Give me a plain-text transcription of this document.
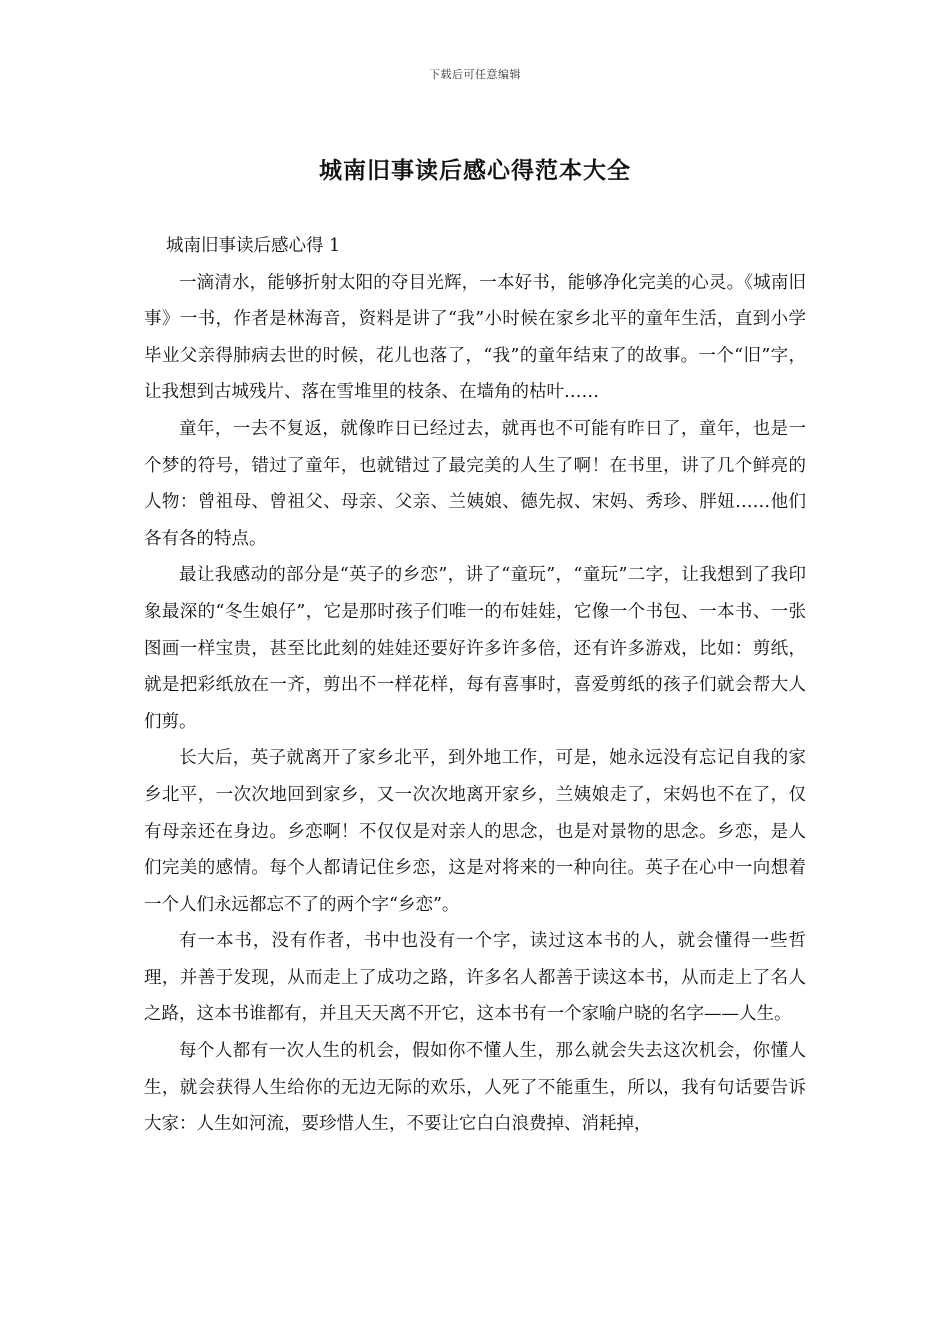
下载后可任意编辑
城南旧事读后感心得范本大全

城南旧事读后感心得 1

一滴清水，能够折射太阳的夺目光辉，一本好书，能够净化完美的心灵。《城南旧事》一书，作者是林海音，资料是讲了“我”小时候在家乡北平的童年生活，直到小学毕业父亲得肺病去世的时候，花儿也落了，“我”的童年结束了的故事。一个“旧”字，让我想到古城残片、落在雪堆里的枝条、在墙角的枯叶……

童年，一去不复返，就像昨日已经过去，就再也不可能有昨日了，童年，也是一个梦的符号，错过了童年，也就错过了最完美的人生了啊！在书里，讲了几个鲜亮的人物：曾祖母、曾祖父、母亲、父亲、兰姨娘、德先叔、宋妈、秀珍、胖妞……他们各有各的特点。

最让我感动的部分是“英子的乡恋”，讲了“童玩”，“童玩”二字，让我想到了我印象最深的“冬生娘仔”，它是那时孩子们唯一的布娃娃，它像一个书包、一本书、一张图画一样宝贵，甚至比此刻的娃娃还要好许多许多倍，还有许多游戏，比如：剪纸，就是把彩纸放在一齐，剪出不一样花样，每有喜事时，喜爱剪纸的孩子们就会帮大人们剪。

长大后，英子就离开了家乡北平，到外地工作，可是，她永远没有忘记自我的家乡北平，一次次地回到家乡，又一次次地离开家乡，兰姨娘走了，宋妈也不在了，仅有母亲还在身边。乡恋啊！不仅仅是对亲人的思念，也是对景物的思念。乡恋，是人们完美的感情。每个人都请记住乡恋，这是对将来的一种向往。英子在心中一向想着一个人们永远都忘不了的两个字“乡恋”。

有一本书，没有作者，书中也没有一个字，读过这本书的人，就会懂得一些哲理，并善于发现，从而走上了成功之路，许多名人都善于读这本书，从而走上了名人之路，这本书谁都有，并且天天离不开它，这本书有一个家喻户晓的名字——人生。

每个人都有一次人生的机会，假如你不懂人生，那么就会失去这次机会，你懂人生，就会获得人生给你的无边无际的欢乐，人死了不能重生，所以，我有句话要告诉大家：人生如河流，要珍惜人生，不要让它白白浪费掉、消耗掉，
